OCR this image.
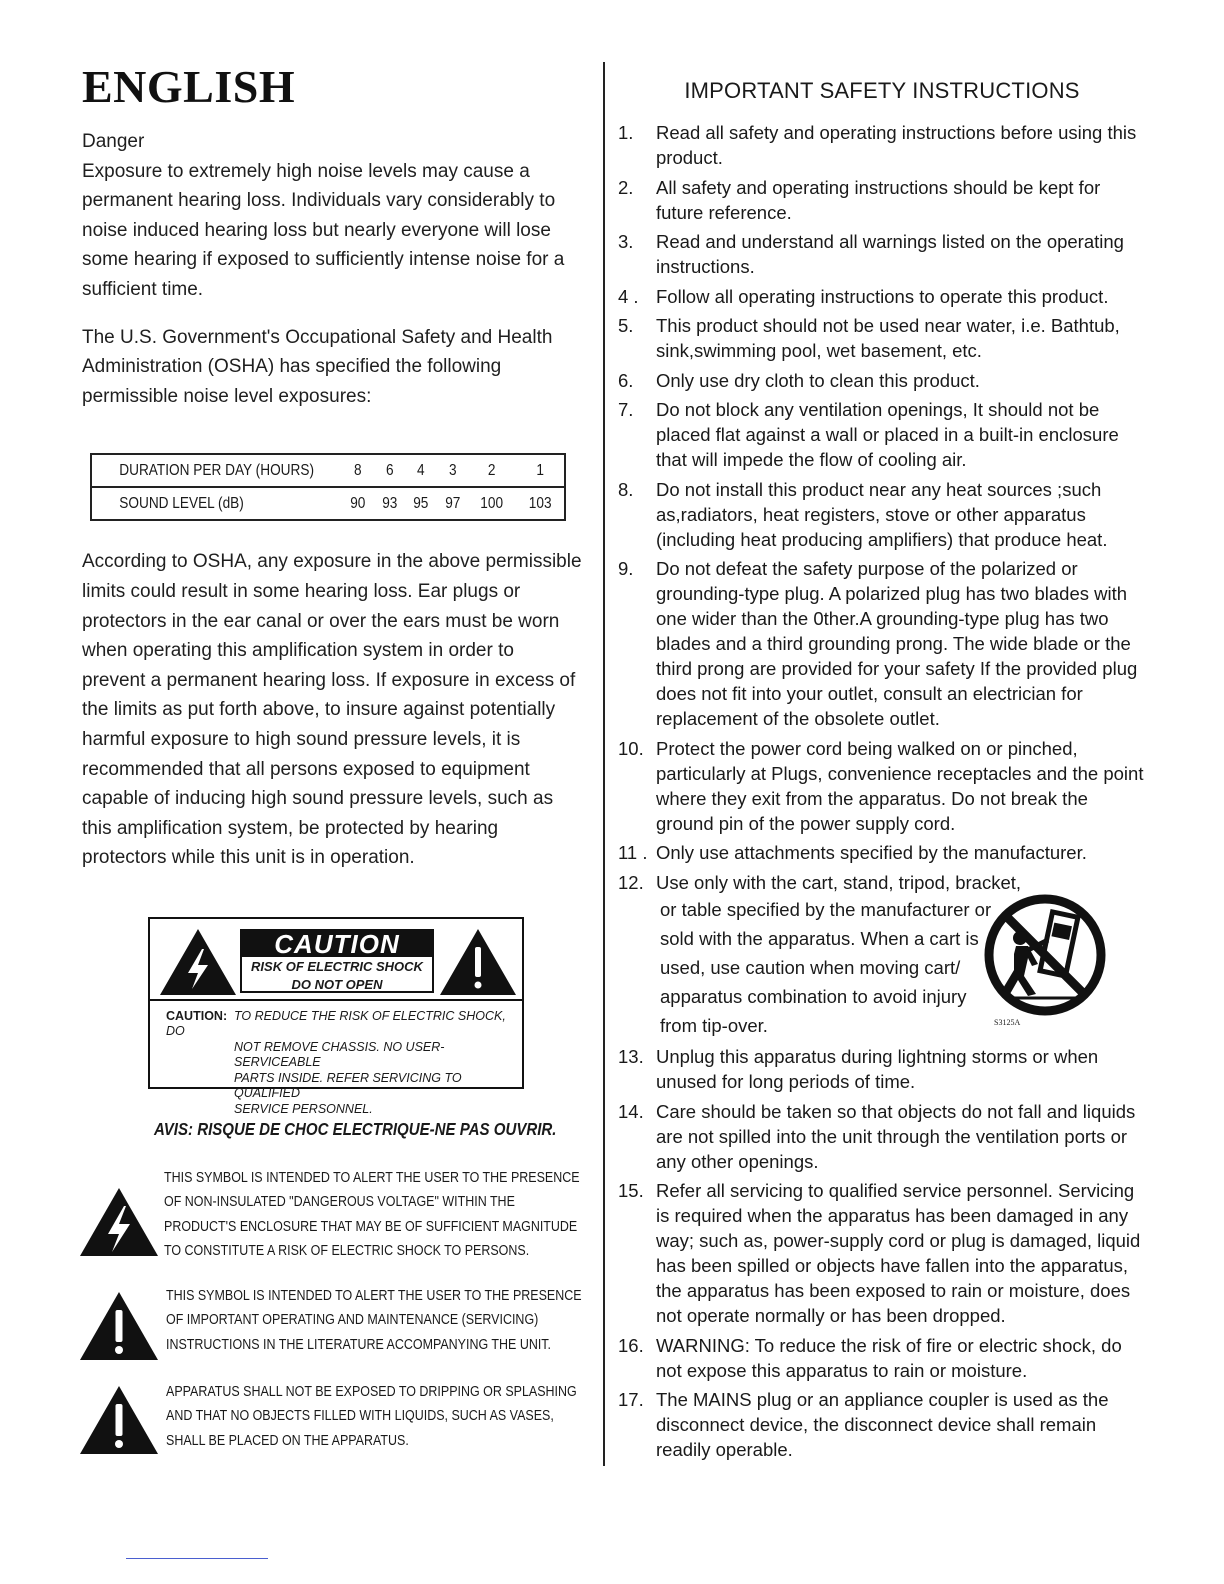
ENGLISH

Danger

Exposure to extremely high noise levels may cause a permanent hearing loss. Individuals vary considerably to noise induced hearing loss but nearly everyone will lose some hearing if exposed to sufficiently intense noise for a sufficient time.

The U.S. Government's Occupational Safety and Health Administration (OSHA) has specified the following permissible noise level exposures:

DURATION PER DAY (HOURS)	8	6	4	3	2	1
SOUND LEVEL (dB)	90	93	95	97	100	103

According to OSHA, any exposure in the above permissible limits could result in some hearing loss. Ear plugs or protectors in the ear canal or over the ears must be worn when operating this amplification system in order to prevent a permanent hearing loss. If exposure in excess of the limits as put forth above, to insure against potentially harmful exposure to high sound pressure levels, it is recommended that all persons exposed to equipment capable of inducing high sound pressure levels, such as this amplification system, be protected by hearing protectors while this unit is in operation.

CAUTION
RISK OF ELECTRIC SHOCK
DO NOT OPEN
CAUTION: TO REDUCE THE RISK OF ELECTRIC SHOCK, DO
NOT REMOVE CHASSIS. NO USER-SERVICEABLE
PARTS INSIDE. REFER SERVICING TO QUALIFIED
SERVICE PERSONNEL.
AVIS: RISQUE DE CHOC ELECTRIQUE-NE PAS OUVRIR.
THIS SYMBOL IS INTENDED TO ALERT THE USER TO THE PRESENCE
OF NON-INSULATED "DANGEROUS VOLTAGE" WITHIN THE
PRODUCT'S ENCLOSURE THAT MAY BE OF SUFFICIENT MAGNITUDE
TO CONSTITUTE A RISK OF ELECTRIC SHOCK TO PERSONS.
THIS SYMBOL IS INTENDED TO ALERT THE USER TO THE PRESENCE
OF IMPORTANT OPERATING AND MAINTENANCE (SERVICING)
INSTRUCTIONS IN THE LITERATURE ACCOMPANYING THE UNIT.
APPARATUS SHALL NOT BE EXPOSED TO DRIPPING OR SPLASHING
AND THAT NO OBJECTS FILLED WITH LIQUIDS, SUCH AS VASES,
SHALL BE PLACED ON THE APPARATUS.
IMPORTANT SAFETY INSTRUCTIONS
1. Read all safety and operating instructions before using this product.
2. All safety and operating instructions should be kept for future reference.
3. Read and understand all warnings listed on the operating instructions.
4 . Follow all operating instructions to operate this product.
5. This product should not be used near water, i.e. Bathtub, sink,swimming pool, wet basement, etc.
6. Only use dry cloth to clean this product.
7. Do not block any ventilation openings, It should not be placed flat against a wall or placed in a built-in enclosure that will impede the flow of cooling air.
8. Do not install this product near any heat sources ;such as,radiators, heat registers, stove or other apparatus (including heat producing amplifiers) that produce heat.
9. Do not defeat the safety purpose of the polarized or grounding-type plug. A polarized plug has two blades with one wider than the 0ther.A grounding-type plug has two blades and a third grounding prong. The wide blade or the third prong are provided for your safety If the provided plug does not fit into your outlet, consult an electrician for replacement of the obsolete outlet.
10. Protect the power cord being walked on or pinched, particularly at Plugs, convenience receptacles and the point where they exit from the apparatus. Do not break the ground pin of the power supply cord.
11 . Only use attachments specified by the manufacturer.
12. Use only with the cart, stand, tripod, bracket,
or table specified by the manufacturer or
sold with the apparatus. When a cart is
used, use caution when moving cart/
apparatus combination to avoid injury
from tip-over.	S3125A
13. Unplug this apparatus during lightning storms or when unused for long periods of time.
14. Care should be taken so that objects do not fall and liquids are not spilled into the unit through the ventilation ports or any other openings.
15. Refer all servicing to qualified service personnel. Servicing is required when the apparatus has been damaged in any way; such as, power-supply cord or plug is damaged, liquid has been spilled or objects have fallen into the apparatus, the apparatus has been exposed to rain or moisture, does not operate normally or has been dropped.
16. WARNING: To reduce the risk of fire or electric shock, do not expose this apparatus to rain or moisture.
17. The MAINS plug or an appliance coupler is used as the disconnect device, the disconnect device shall remain readily operable.
